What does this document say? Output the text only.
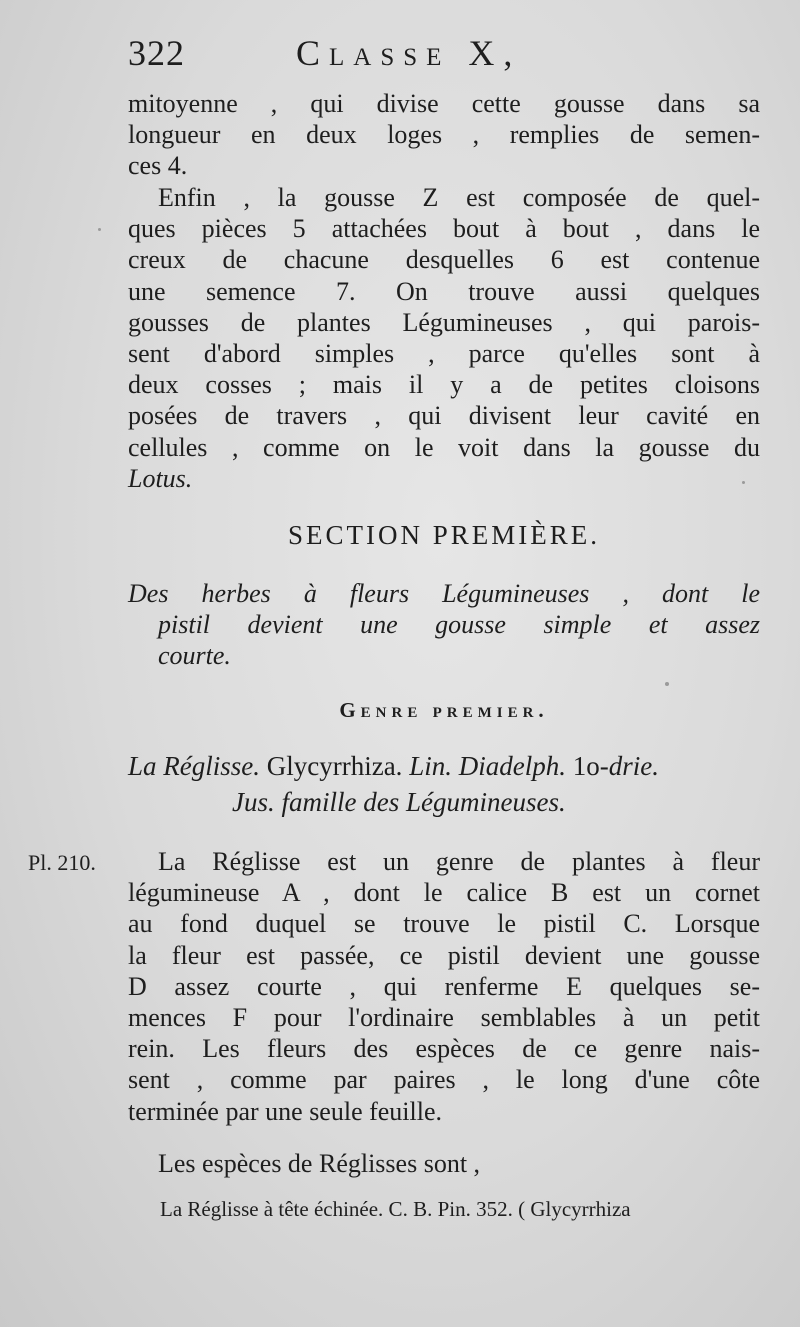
322	Classe X,
mitoyenne , qui divise cette gousse dans sa
longueur en deux loges , remplies de semen-
ces 4.
Enfin , la gousse Z est composée de quel-
ques pièces 5 attachées bout à bout , dans le
creux de chacune desquelles 6 est contenue
une semence 7. On trouve aussi quelques
gousses de plantes Légumineuses , qui parois-
sent d'abord simples , parce qu'elles sont à
deux cosses ; mais il y a de petites cloisons
posées de travers , qui divisent leur cavité en
cellules , comme on le voit dans la gousse du
Lotus.
SECTION PREMIÈRE.
Des herbes à fleurs Légumineuses , dont le
pistil devient une gousse simple et assez
courte.
Genre premier.
La Réglisse. Glycyrrhiza. Lin. Diadelph. 1o-drie.
Jus. famille des Légumineuses.
Pl. 210.	La Réglisse est un genre de plantes à fleur
légumineuse A , dont le calice B est un cornet
au fond duquel se trouve le pistil C. Lorsque
la fleur est passée, ce pistil devient une gousse
D assez courte , qui renferme E quelques se-
mences F pour l'ordinaire semblables à un petit
rein. Les fleurs des espèces de ce genre nais-
sent , comme par paires , le long d'une côte
terminée par une seule feuille.
Les espèces de Réglisses sont ,
La Réglisse à tête échinée. C. B. Pin. 352. ( Glycyrrhiza
